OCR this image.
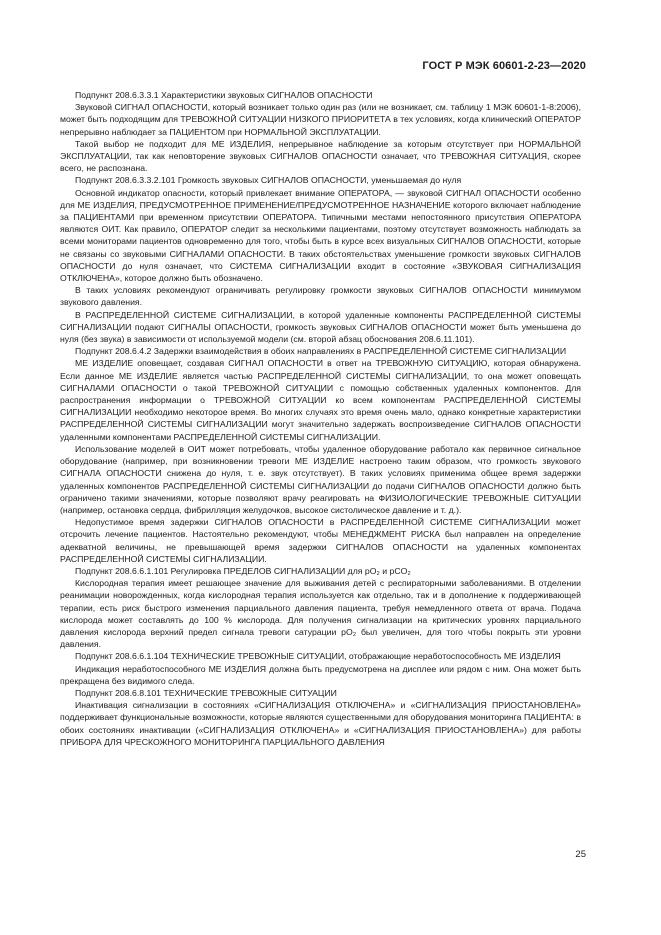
ГОСТ Р МЭК 60601-2-23—2020

Подпункт 208.6.3.3.1 Характеристики звуковых СИГНАЛОВ ОПАСНОСТИ

Звуковой СИГНАЛ ОПАСНОСТИ, который возникает только один раз (или не возникает, см. таблицу 1 МЭК 60601-1-8:2006), может быть подходящим для ТРЕВОЖНОЙ СИТУАЦИИ НИЗКОГО ПРИОРИТЕТА в тех условиях, когда клинический ОПЕРАТОР непрерывно наблюдает за ПАЦИЕНТОМ при НОРМАЛЬНОЙ ЭКСПЛУАТАЦИИ.

Такой выбор не подходит для МЕ ИЗДЕЛИЯ, непрерывное наблюдение за которым отсутствует при НОРМАЛЬНОЙ ЭКСПЛУАТАЦИИ, так как неповторение звуковых СИГНАЛОВ ОПАСНОСТИ означает, что ТРЕВОЖНАЯ СИТУАЦИЯ, скорее всего, не распознана.

Подпункт 208.6.3.3.2.101 Громкость звуковых СИГНАЛОВ ОПАСНОСТИ, уменьшаемая до нуля

Основной индикатор опасности, который привлекает внимание ОПЕРАТОРА, — звуковой СИГНАЛ ОПАСНОСТИ особенно для МЕ ИЗДЕЛИЯ, ПРЕДУСМОТРЕННОЕ ПРИМЕНЕНИЕ/ПРЕДУСМОТРЕННОЕ НАЗНАЧЕНИЕ которого включает наблюдение за ПАЦИЕНТАМИ при временном присутствии ОПЕРАТОРА. Типичными местами непостоянного присутствия ОПЕРАТОРА являются ОИТ. Как правило, ОПЕРАТОР следит за несколькими пациентами, поэтому отсутствует возможность наблюдать за всеми мониторами пациентов одновременно для того, чтобы быть в курсе всех визуальных СИГНАЛОВ ОПАСНОСТИ, которые не связаны со звуковыми СИГНАЛАМИ ОПАСНОСТИ. В таких обстоятельствах уменьшение громкости звуковых СИГНАЛОВ ОПАСНОСТИ до нуля означает, что СИСТЕМА СИГНАЛИЗАЦИИ входит в состояние «ЗВУКОВАЯ СИГНАЛИЗАЦИЯ ОТКЛЮЧЕНА», которое должно быть обозначено.

В таких условиях рекомендуют ограничивать регулировку громкости звуковых СИГНАЛОВ ОПАСНОСТИ минимумом звукового давления.

В РАСПРЕДЕЛЕННОЙ СИСТЕМЕ СИГНАЛИЗАЦИИ, в которой удаленные компоненты РАСПРЕДЕЛЕННОЙ СИСТЕМЫ СИГНАЛИЗАЦИИ подают СИГНАЛЫ ОПАСНОСТИ, громкость звуковых СИГНАЛОВ ОПАСНОСТИ может быть уменьшена до нуля (без звука) в зависимости от используемой модели (см. второй абзац обоснования 208.6.11.101).

Подпункт 208.6.4.2 Задержки взаимодействия в обоих направлениях в РАСПРЕДЕЛЕННОЙ СИСТЕМЕ СИГНАЛИЗАЦИИ

МЕ ИЗДЕЛИЕ оповещает, создавая СИГНАЛ ОПАСНОСТИ в ответ на ТРЕВОЖНУЮ СИТУАЦИЮ, которая обнаружена. Если данное МЕ ИЗДЕЛИЕ является частью РАСПРЕДЕЛЕННОЙ СИСТЕМЫ СИГНАЛИЗАЦИИ, то она может оповещать СИГНАЛАМИ ОПАСНОСТИ о такой ТРЕВОЖНОЙ СИТУАЦИИ с помощью собственных удаленных компонентов. Для распространения информации о ТРЕВОЖНОЙ СИТУАЦИИ ко всем компонентам РАСПРЕДЕЛЕННОЙ СИСТЕМЫ СИГНАЛИЗАЦИИ необходимо некоторое время. Во многих случаях это время очень мало, однако конкретные характеристики РАСПРЕДЕЛЕННОЙ СИСТЕМЫ СИГНАЛИЗАЦИИ могут значительно задержать воспроизведение СИГНАЛОВ ОПАСНОСТИ удаленными компонентами РАСПРЕДЕЛЕННОЙ СИСТЕМЫ СИГНАЛИЗАЦИИ.

Использование моделей в ОИТ может потребовать, чтобы удаленное оборудование работало как первичное сигнальное оборудование (например, при возникновении тревоги МЕ ИЗДЕЛИЕ настроено таким образом, что громкость звукового СИГНАЛА ОПАСНОСТИ снижена до нуля, т. е. звук отсутствует). В таких условиях применима общее время задержки удаленных компонентов РАСПРЕДЕЛЕННОЙ СИСТЕМЫ СИГНАЛИЗАЦИИ до подачи СИГНАЛОВ ОПАСНОСТИ должно быть ограничено такими значениями, которые позволяют врачу реагировать на ФИЗИОЛОГИЧЕСКИЕ ТРЕВОЖНЫЕ СИТУАЦИИ (например, остановка сердца, фибрилляция желудочков, высокое систолическое давление и т. д.).

Недопустимое время задержки СИГНАЛОВ ОПАСНОСТИ в РАСПРЕДЕЛЕННОЙ СИСТЕМЕ СИГНАЛИЗАЦИИ может отсрочить лечение пациентов. Настоятельно рекомендуют, чтобы МЕНЕДЖМЕНТ РИСКА был направлен на определение адекватной величины, не превышающей время задержки СИГНАЛОВ ОПАСНОСТИ на удаленных компонентах РАСПРЕДЕЛЕННОЙ СИСТЕМЫ СИГНАЛИЗАЦИИ.

Подпункт 208.6.6.1.101 Регулировка ПРЕДЕЛОВ СИГНАЛИЗАЦИИ для pO₂ и pCO₂

Кислородная терапия имеет решающее значение для выживания детей с респираторными заболеваниями. В отделении реанимации новорожденных, когда кислородная терапия используется как отдельно, так и в дополнение к поддерживающей терапии, есть риск быстрого изменения парциального давления пациента, требуя немедленного ответа от врача. Подача кислорода может составлять до 100 % кислорода. Для получения сигнализации на критических уровнях парциального давления кислорода верхний предел сигнала тревоги сатурации pO₂ был увеличен, для того чтобы покрыть эти уровни давления.

Подпункт 208.6.6.1.104 ТЕХНИЧЕСКИЕ ТРЕВОЖНЫЕ СИТУАЦИИ, отображающие неработоспособность МЕ ИЗДЕЛИЯ

Индикация неработоспособного МЕ ИЗДЕЛИЯ должна быть предусмотрена на дисплее или рядом с ним. Она может быть прекращена без видимого следа.

Подпункт 208.6.8.101 ТЕХНИЧЕСКИЕ ТРЕВОЖНЫЕ СИТУАЦИИ

Инактивация сигнализации в состояниях «СИГНАЛИЗАЦИЯ ОТКЛЮЧЕНА» и «СИГНАЛИЗАЦИЯ ПРИОСТАНОВЛЕНА» поддерживает функциональные возможности, которые являются существенными для оборудования мониторинга ПАЦИЕНТА: в обоих состояниях инактивации («СИГНАЛИЗАЦИЯ ОТКЛЮЧЕНА» и «СИГНАЛИЗАЦИЯ ПРИОСТАНОВЛЕНА») для работы ПРИБОРА ДЛЯ ЧРЕСКОЖНОГО МОНИТОРИНГА ПАРЦИАЛЬНОГО ДАВЛЕНИЯ

25
